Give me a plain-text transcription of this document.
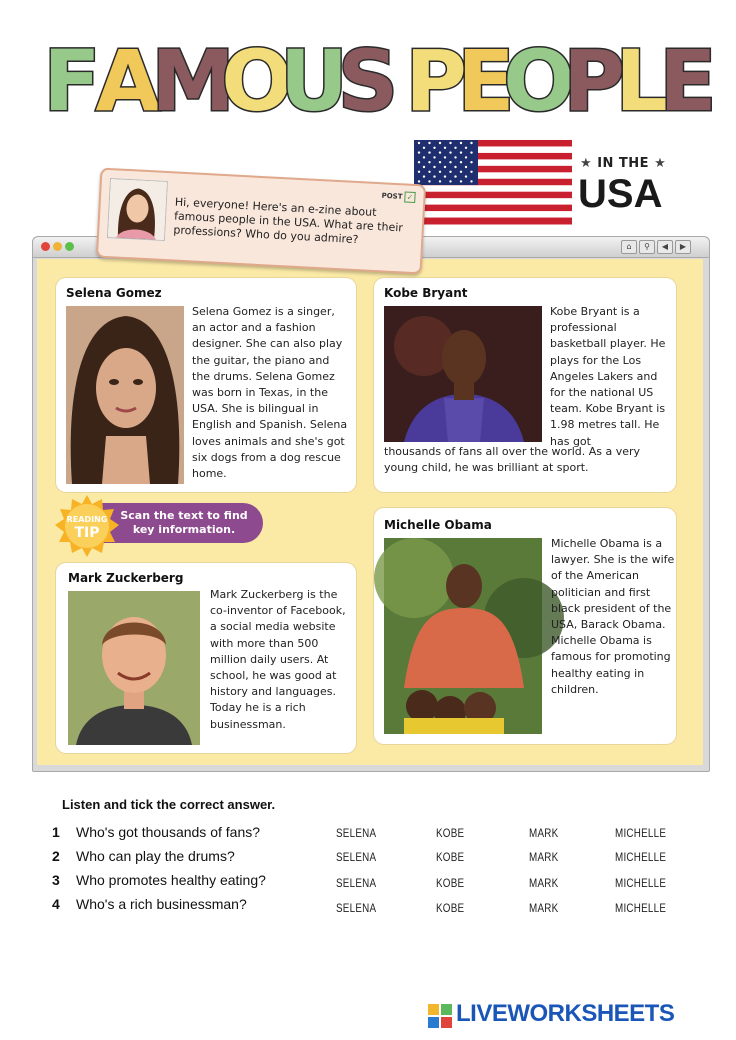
F
A
M
O
U
S P
E
O
P
L
E
★ IN THE ★
USA
POST ✓
Hi, everyone! Here's an e-zine about famous people in the USA. What are their professions? Who do you admire?
⌂	⚲	◀	▶
Selena Gomez
Selena Gomez is a singer, an actor and a fashion designer. She can also play the guitar, the piano and the drums. Selena Gomez was born in Texas, in the USA. She is bilingual in English and Spanish. Selena loves animals and she's got six dogs from a dog rescue home.
Kobe Bryant
Kobe Bryant is a professional basketball player. He plays for the Los Angeles Lakers and for the national US team. Kobe Bryant is 1.98 metres tall. He has got
thousands of fans all over the world. As a very young child, he was brilliant at sport.
Scan the text to find key information.
READING
TIP
Mark Zuckerberg
Mark Zuckerberg is the co-inventor of Facebook, a social media website with more than 500 million daily users. At school, he was good at history and languages. Today he is a rich businessman.
Michelle Obama
Michelle Obama is a lawyer. She is the wife of the American politician and first black president of the USA, Barack Obama. Michelle Obama is famous for promoting healthy eating in children.
Listen and tick the correct answer.
1 Who's got thousands of fans?	SELENA	KOBE	MARK	MICHELLE
2 Who can play the drums?	SELENA	KOBE	MARK	MICHELLE
3 Who promotes healthy eating?	SELENA	KOBE	MARK	MICHELLE
4 Who's a rich businessman?	SELENA	KOBE	MARK	MICHELLE
LIVEWORKSHEETS
